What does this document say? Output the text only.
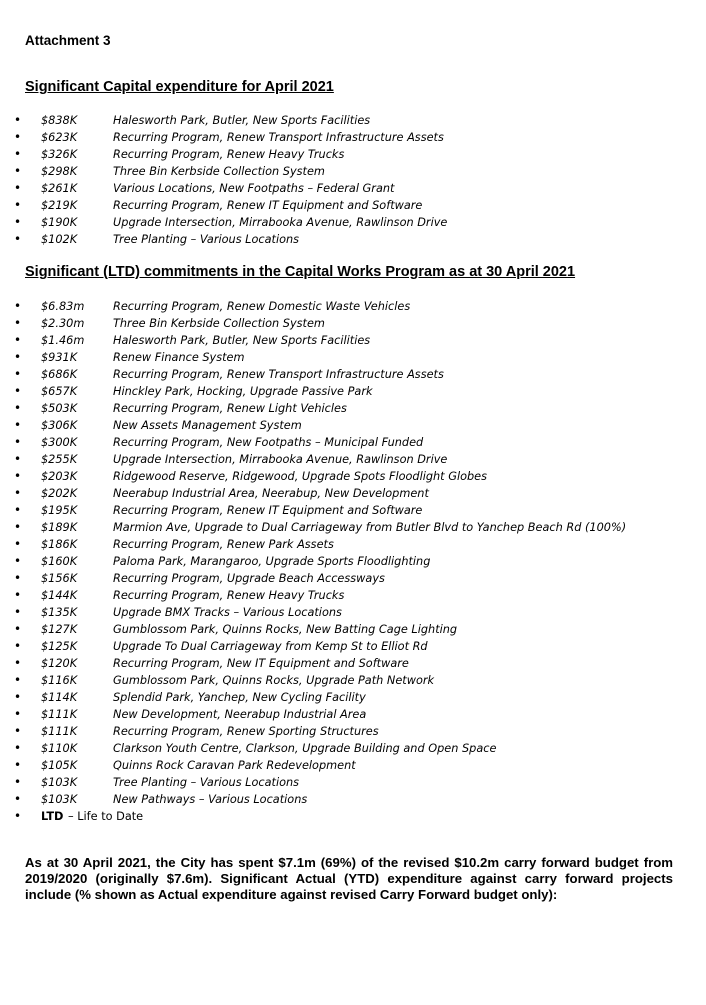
Attachment 3
Significant Capital expenditure for April 2021
• $838K	Halesworth Park, Butler, New Sports Facilities
• $623K	Recurring Program, Renew Transport Infrastructure Assets
• $326K	Recurring Program, Renew Heavy Trucks
• $298K	Three Bin Kerbside Collection System
• $261K	Various Locations, New Footpaths – Federal Grant
• $219K	Recurring Program, Renew IT Equipment and Software
• $190K	Upgrade Intersection, Mirrabooka Avenue, Rawlinson Drive
• $102K	Tree Planting – Various Locations
Significant (LTD) commitments in the Capital Works Program as at 30 April 2021
• $6.83m	Recurring Program, Renew Domestic Waste Vehicles
• $2.30m	Three Bin Kerbside Collection System
• $1.46m	Halesworth Park, Butler, New Sports Facilities
• $931K	Renew Finance System
• $686K	Recurring Program, Renew Transport Infrastructure Assets
• $657K	Hinckley Park, Hocking, Upgrade Passive Park
• $503K	Recurring Program, Renew Light Vehicles
• $306K	New Assets Management System
• $300K	Recurring Program, New Footpaths – Municipal Funded
• $255K	Upgrade Intersection, Mirrabooka Avenue, Rawlinson Drive
• $203K	Ridgewood Reserve, Ridgewood, Upgrade Spots Floodlight Globes
• $202K	Neerabup Industrial Area, Neerabup, New Development
• $195K	Recurring Program, Renew IT Equipment and Software
• $189K	Marmion Ave, Upgrade to Dual Carriageway from Butler Blvd to Yanchep Beach Rd (100%)
• $186K	Recurring Program, Renew Park Assets
• $160K	Paloma Park, Marangaroo, Upgrade Sports Floodlighting
• $156K	Recurring Program, Upgrade Beach Accessways
• $144K	Recurring Program, Renew Heavy Trucks
• $135K	Upgrade BMX Tracks – Various Locations
• $127K	Gumblossom Park, Quinns Rocks, New Batting Cage Lighting
• $125K	Upgrade To Dual Carriageway from Kemp St to Elliot Rd
• $120K	Recurring Program, New IT Equipment and Software
• $116K	Gumblossom Park, Quinns Rocks, Upgrade Path Network
• $114K	Splendid Park, Yanchep, New Cycling Facility
• $111K	New Development, Neerabup Industrial Area
• $111K	Recurring Program, Renew Sporting Structures
• $110K	Clarkson Youth Centre, Clarkson, Upgrade Building and Open Space
• $105K	Quinns Rock Caravan Park Redevelopment
• $103K	Tree Planting – Various Locations
• $103K	New Pathways – Various Locations
• LTD – Life to Date
As at 30 April 2021, the City has spent $7.1m (69%) of the revised $10.2m carry forward budget from 2019/2020 (originally $7.6m). Significant Actual (YTD) expenditure against carry forward projects include (% shown as Actual expenditure against revised Carry Forward budget only):
